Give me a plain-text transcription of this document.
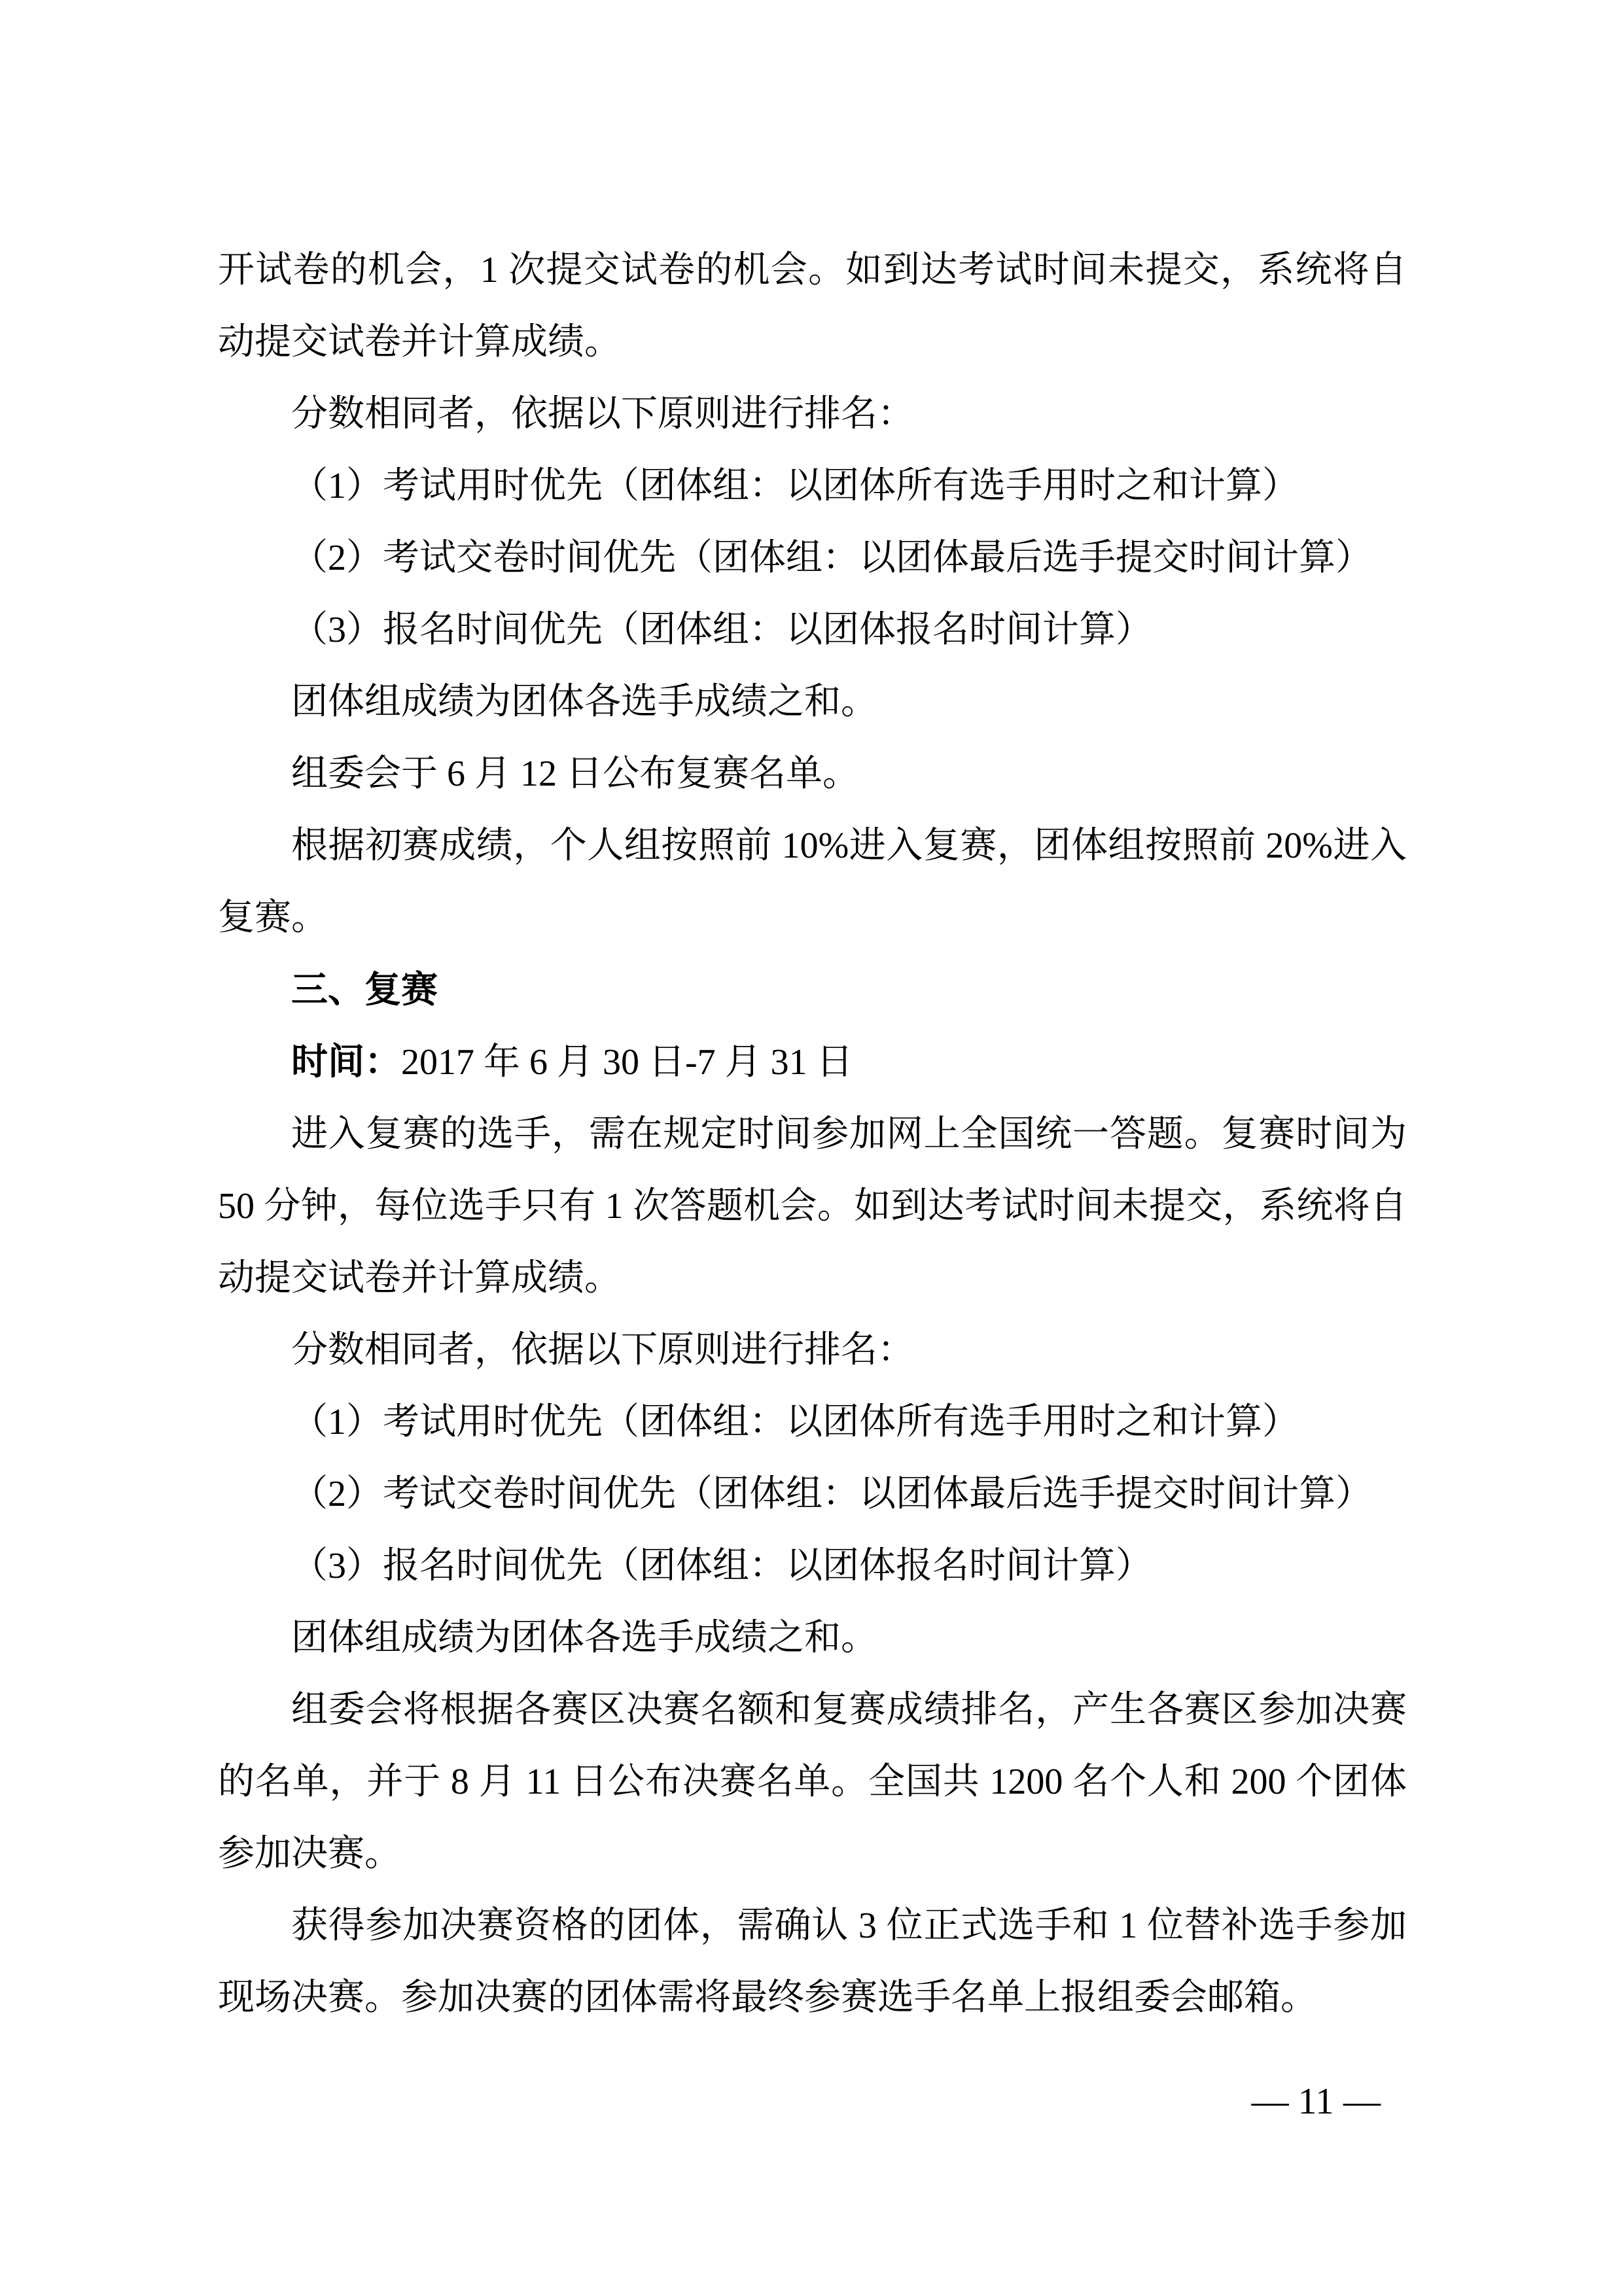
开试卷的机会，1 次提交试卷的机会。如到达考试时间未提交，系统将自动提交试卷并计算成绩。

分数相同者，依据以下原则进行排名：

（1）考试用时优先（团体组：以团体所有选手用时之和计算）

（2）考试交卷时间优先（团体组：以团体最后选手提交时间计算）

（3）报名时间优先（团体组：以团体报名时间计算）

团体组成绩为团体各选手成绩之和。

组委会于 6 月 12 日公布复赛名单。

根据初赛成绩，个人组按照前 10%进入复赛，团体组按照前 20%进入复赛。

三、复赛

时间：2017 年 6 月 30 日-7 月 31 日

进入复赛的选手，需在规定时间参加网上全国统一答题。复赛时间为 50 分钟，每位选手只有 1 次答题机会。如到达考试时间未提交，系统将自动提交试卷并计算成绩。

分数相同者，依据以下原则进行排名：

（1）考试用时优先（团体组：以团体所有选手用时之和计算）

（2）考试交卷时间优先（团体组：以团体最后选手提交时间计算）

（3）报名时间优先（团体组：以团体报名时间计算）

团体组成绩为团体各选手成绩之和。

组委会将根据各赛区决赛名额和复赛成绩排名，产生各赛区参加决赛的名单，并于 8 月 11 日公布决赛名单。全国共 1200 名个人和 200 个团体参加决赛。

获得参加决赛资格的团体，需确认 3 位正式选手和 1 位替补选手参加现场决赛。参加决赛的团体需将最终参赛选手名单上报组委会邮箱。

— 11 —
